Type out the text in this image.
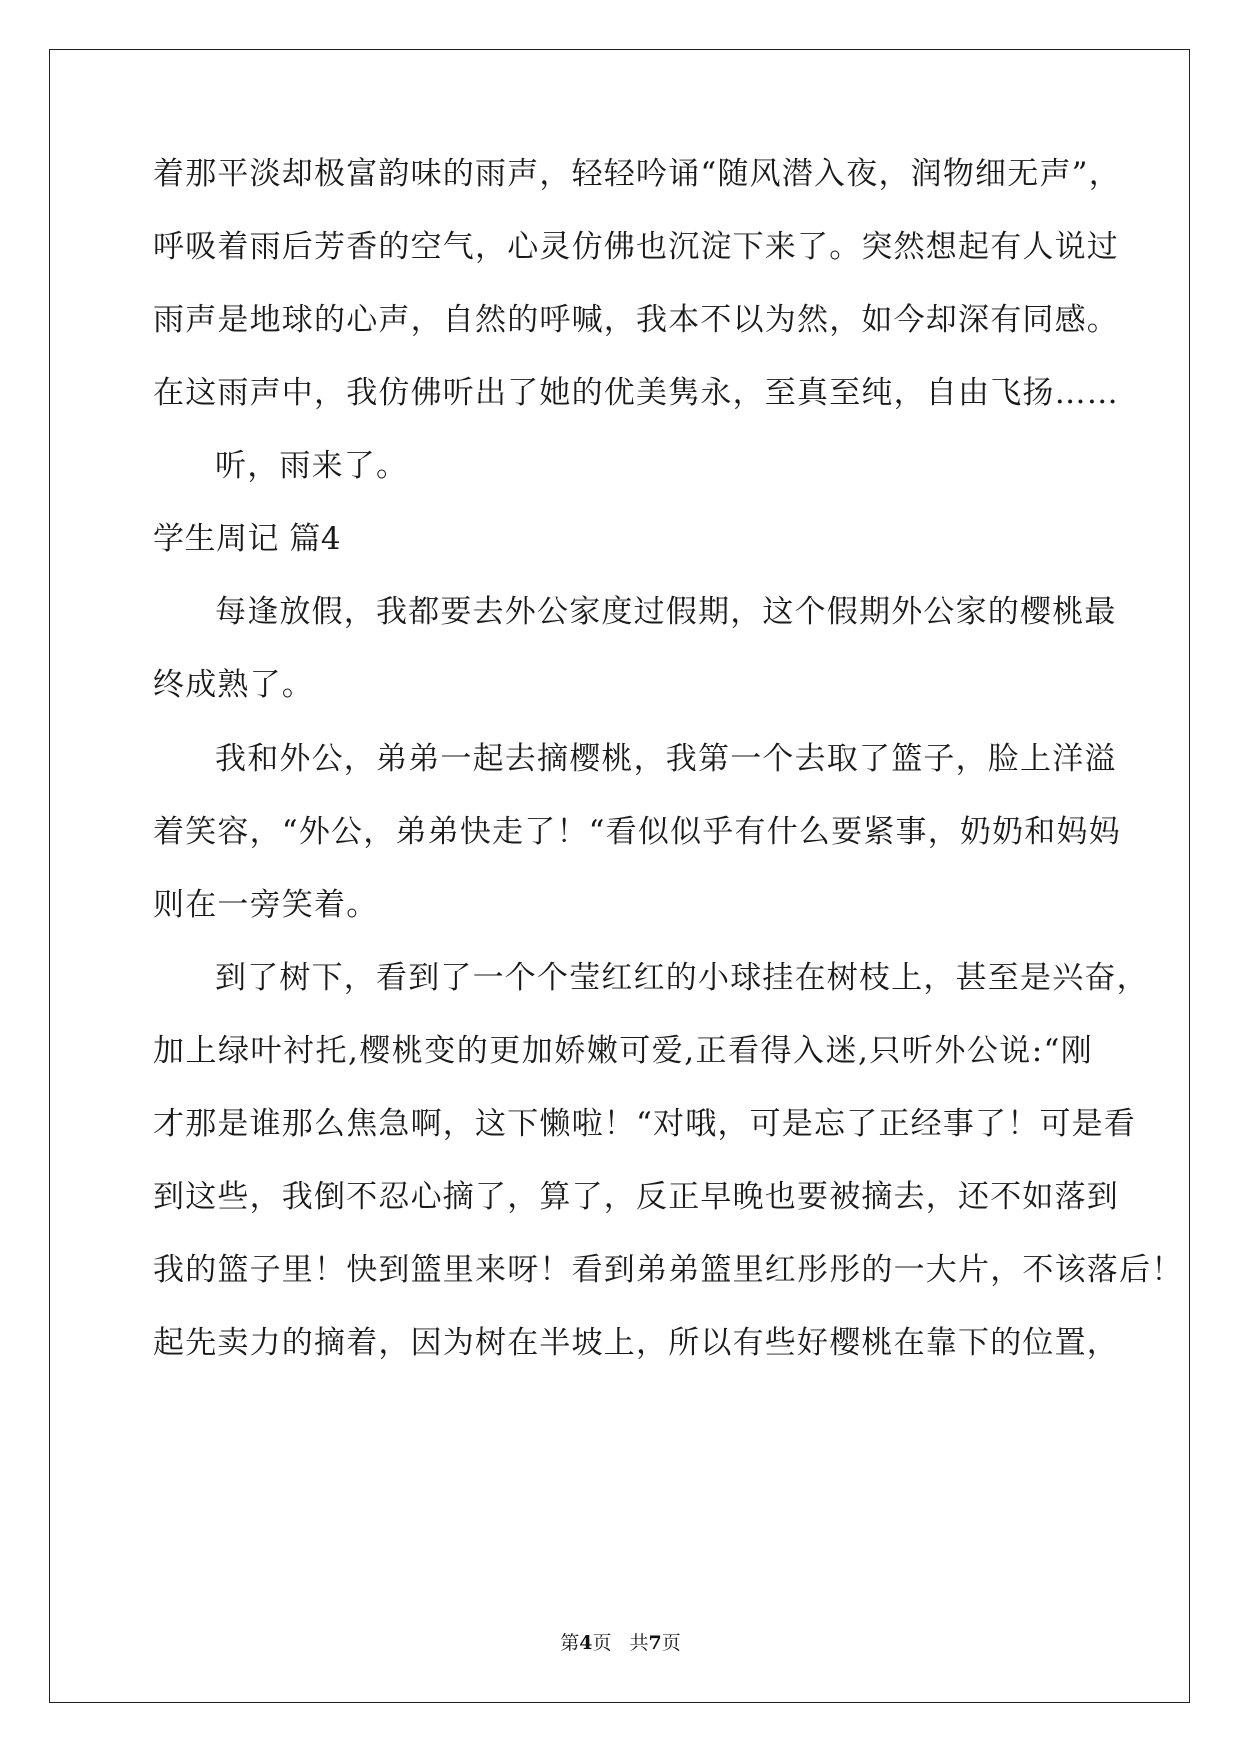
着那平淡却极富韵味的雨声，轻轻吟诵“随风潜入夜，润物细无声”，
呼吸着雨后芳香的空气，心灵仿佛也沉淀下来了。突然想起有人说过
雨声是地球的心声，自然的呼喊，我本不以为然，如今却深有同感。
在这雨声中，我仿佛听出了她的优美隽永，至真至纯，自由飞扬……
听，雨来了。
学生周记 篇4
每逢放假，我都要去外公家度过假期，这个假期外公家的樱桃最
终成熟了。
我和外公，弟弟一起去摘樱桃，我第一个去取了篮子，脸上洋溢
着笑容，“外公，弟弟快走了！“看似似乎有什么要紧事，奶奶和妈妈
则在一旁笑着。
到了树下，看到了一个个莹红红的小球挂在树枝上，甚至是兴奋，
加上绿叶衬托,樱桃变的更加娇嫩可爱,正看得入迷,只听外公说:“刚
才那是谁那么焦急啊，这下懒啦！“对哦，可是忘了正经事了！可是看
到这些，我倒不忍心摘了，算了，反正早晚也要被摘去，还不如落到
我的篮子里！快到篮里来呀！看到弟弟篮里红彤彤的一大片，不该落后！
起先卖力的摘着，因为树在半坡上，所以有些好樱桃在靠下的位置，
第4页 共7页
